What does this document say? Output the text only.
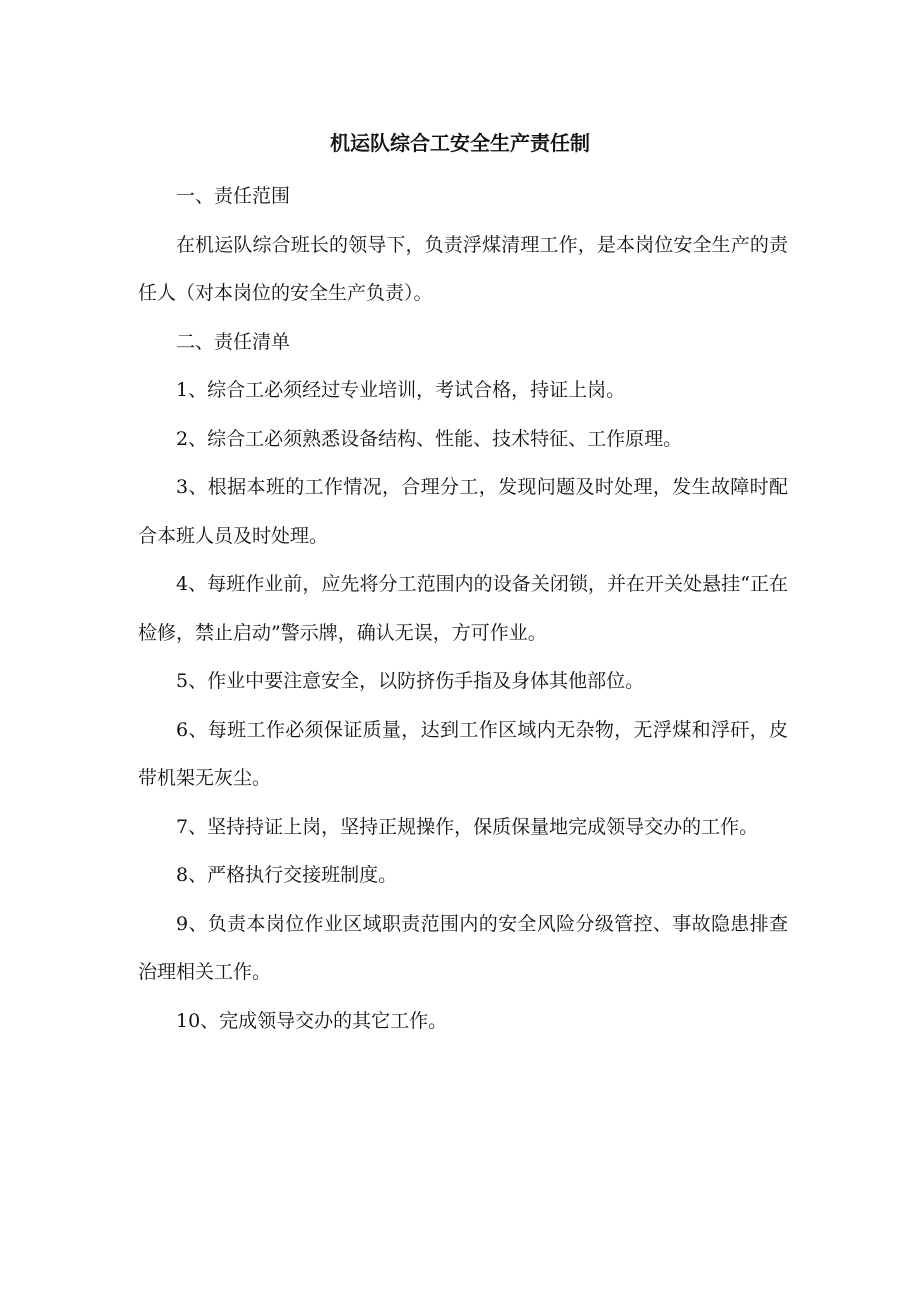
机运队综合工安全生产责任制

一、责任范围

在机运队综合班长的领导下，负责浮煤清理工作，是本岗位安全生产的责任人（对本岗位的安全生产负责）。

二、责任清单

1、综合工必须经过专业培训，考试合格，持证上岗。

2、综合工必须熟悉设备结构、性能、技术特征、工作原理。

3、根据本班的工作情况，合理分工，发现问题及时处理，发生故障时配合本班人员及时处理。

4、每班作业前，应先将分工范围内的设备关闭锁，并在开关处悬挂“正在检修，禁止启动”警示牌，确认无误，方可作业。

5、作业中要注意安全，以防挤伤手指及身体其他部位。

6、每班工作必须保证质量，达到工作区域内无杂物，无浮煤和浮矸，皮带机架无灰尘。

7、坚持持证上岗，坚持正规操作，保质保量地完成领导交办的工作。

8、严格执行交接班制度。

9、负责本岗位作业区域职责范围内的安全风险分级管控、事故隐患排查治理相关工作。

10、完成领导交办的其它工作。
